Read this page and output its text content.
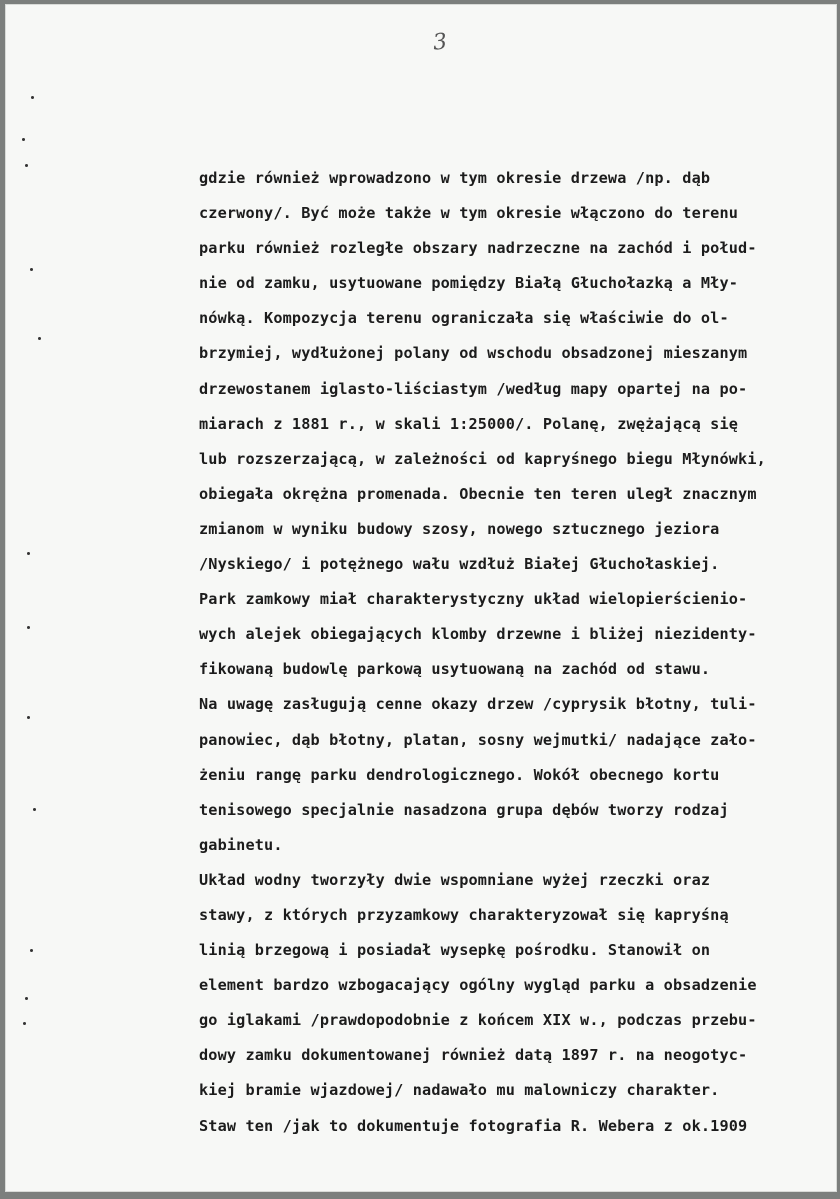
3
gdzie również wprowadzono w tym okresie drzewa /np. dąb
czerwony/. Być może także w tym okresie włączono do terenu
parku również rozległe obszary nadrzeczne na zachód i połud-
nie od zamku, usytuowane pomiędzy Białą Głuchołazką a Mły-
nówką. Kompozycja terenu ograniczała się właściwie do ol-
brzymiej, wydłużonej polany od wschodu obsadzonej mieszanym
drzewostanem iglasto-liściastym /według mapy opartej na po-
miarach z 1881 r., w skali 1:25000/. Polanę, zwężającą się
lub rozszerzającą, w zależności od kapryśnego biegu Młynówki,
obiegała okrężna promenada. Obecnie ten teren uległ znacznym
zmianom w wyniku budowy szosy, nowego sztucznego jeziora
/Nyskiego/ i potężnego wału wzdłuż Białej Głuchołaskiej.
Park zamkowy miał charakterystyczny układ wielopierścienio-
wych alejek obiegających klomby drzewne i bliżej niezidenty-
fikowaną budowlę parkową usytuowaną na zachód od stawu.
Na uwagę zasługują cenne okazy drzew /cyprysik błotny, tuli-
panowiec, dąb błotny, platan, sosny wejmutki/ nadające zało-
żeniu rangę parku dendrologicznego. Wokół obecnego kortu
tenisowego specjalnie nasadzona grupa dębów tworzy rodzaj
gabinetu.
Układ wodny tworzyły dwie wspomniane wyżej rzeczki oraz
stawy, z których przyzamkowy charakteryzował się kapryśną
linią brzegową i posiadał wysepkę pośrodku. Stanowił on
element bardzo wzbogacający ogólny wygląd parku a obsadzenie
go iglakami /prawdopodobnie z końcem XIX w., podczas przebu-
dowy zamku dokumentowanej również datą 1897 r. na neogotyc-
kiej bramie wjazdowej/ nadawało mu malowniczy charakter.
Staw ten /jak to dokumentuje fotografia R. Webera z ok.1909
